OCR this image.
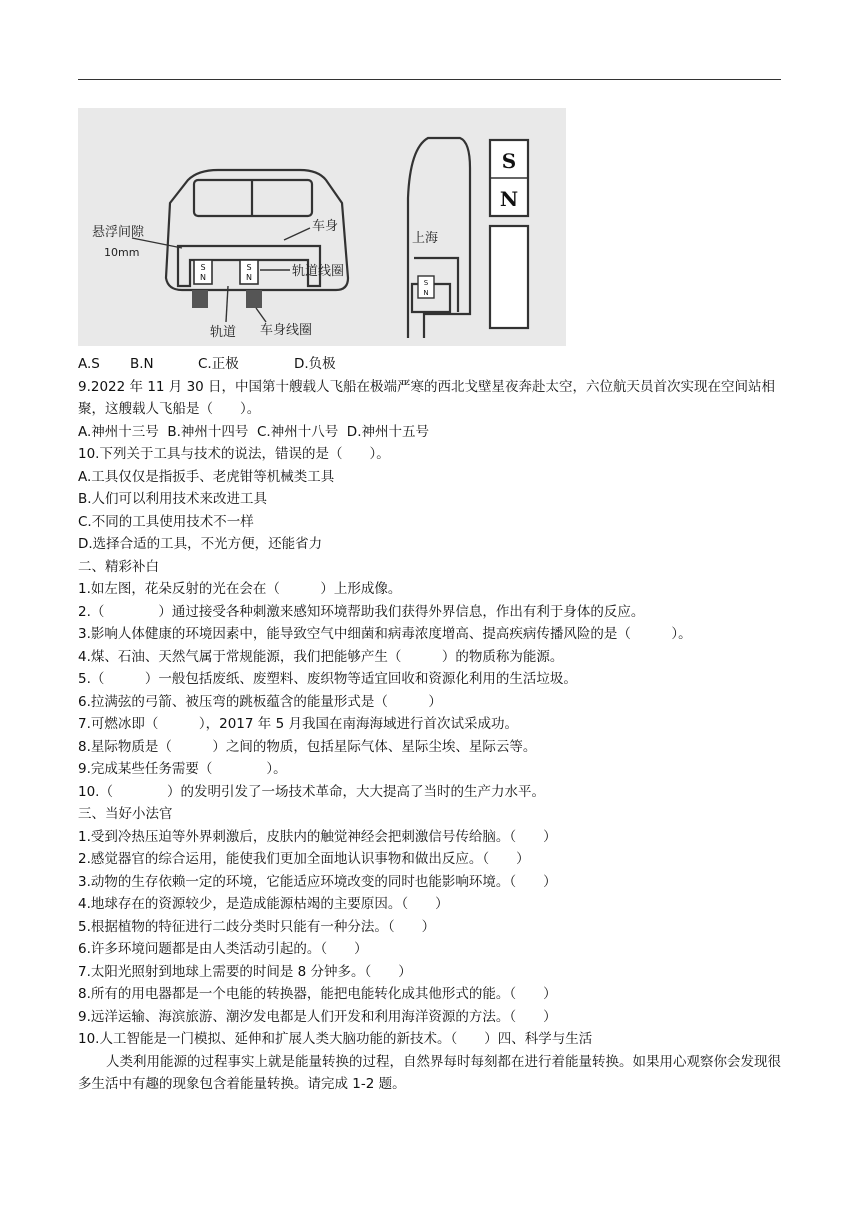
S
N
S
N
悬浮间隙
10mm
车身
轨道线圈
轨道 车身线圈
S
N
上海
S
N
A.S B.N	C.正极	D.负极
9.2022 年 11 月 30 日，中国第十艘载人飞船在极端严寒的西北戈壁星夜奔赴太空，六位航天员首次实现在空间站相聚，这艘载人飞船是（　　）。
A.神州十三号  B.神州十四号  C.神州十八号  D.神州十五号
10.下列关于工具与技术的说法，错误的是（　　）。
A.工具仅仅是指扳手、老虎钳等机械类工具
B.人们可以利用技术来改进工具
C.不同的工具使用技术不一样
D.选择合适的工具，不光方便，还能省力
二、精彩补白
1.如左图，花朵反射的光在会在（　　　）上形成像。
2.（　　　　）通过接受各种刺激来感知环境帮助我们获得外界信息，作出有利于身体的反应。
3.影响人体健康的环境因素中，能导致空气中细菌和病毒浓度增高、提高疾病传播风险的是（　　　）。
4.煤、石油、天然气属于常规能源，我们把能够产生（　　　）的物质称为能源。
5.（　　　）一般包括废纸、废塑料、废织物等适宜回收和资源化利用的生活垃圾。
6.拉满弦的弓箭、被压弯的跳板蕴含的能量形式是（　　　）
7.可燃冰即（　　　），2017 年 5 月我国在南海海域进行首次试采成功。
8.星际物质是（　　　）之间的物质，包括星际气体、星际尘埃、星际云等。
9.完成某些任务需要（　　　　）。
10.（　　　　）的发明引发了一场技术革命，大大提高了当时的生产力水平。
三、当好小法官
1.受到冷热压迫等外界刺激后，皮肤内的触觉神经会把刺激信号传给脑。（　　）
2.感觉器官的综合运用，能使我们更加全面地认识事物和做出反应。（　　）
3.动物的生存依赖一定的环境，它能适应环境改变的同时也能影响环境。（　　）
4.地球存在的资源较少，是造成能源枯竭的主要原因。（　　）
5.根据植物的特征进行二歧分类时只能有一种分法。（　　）
6.许多环境问题都是由人类活动引起的。（　　）
7.太阳光照射到地球上需要的时间是 8 分钟多。（　　）
8.所有的用电器都是一个电能的转换器，能把电能转化成其他形式的能。（　　）
9.远洋运输、海滨旅游、潮汐发电都是人们开发和利用海洋资源的方法。（　　）
10.人工智能是一门模拟、延伸和扩展人类大脑功能的新技术。（　　）四、科学与生活
人类利用能源的过程事实上就是能量转换的过程，自然界每时每刻都在进行着能量转换。如果用心观察你会发现很多生活中有趣的现象包含着能量转换。请完成 1-2 题。
